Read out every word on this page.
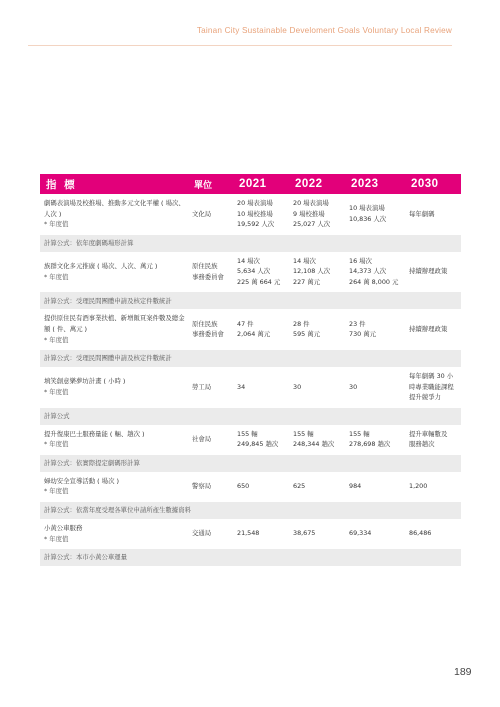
Tainan City Sustainable Develoment Goals Voluntary Local Review
指 標	單位	2021	2022	2023	2030

劇碼表演場及校推場、推動多元文化平權 ( 場次、人次 )
* 年度值	文化局	20 場表演場
10 場校推場
19,592 人次	20 場表演場
9 場校推場
25,027 人次	10 場表演場
10,836 人次	每年劇碼
計算公式：依年度劇碼場形計算					

族群文化多元推廣 ( 場次、人次、萬元 )
* 年度值	原住民族
事務委員會	14 場次
5,634 人次
225 萬 664 元	14 場次
12,108 人次
227 萬元	16 場次
14,373 人次
264 萬 8,000 元	持續辦理政策
計算公式：受理民間團體申請及核定件數統計					

提供原住民有酒事業扶植、新增飯頁案件數及總金額 ( 件、萬元 )
* 年度值	原住民族
事務委員會	47 件
2,064 萬元	28 件
595 萬元	23 件
730 萬元	持續辦理政策
計算公式：受理民間團體申請及核定件數統計					

填笑創意樂夢坊計畫 ( 小時 )
* 年度值	勞工局	34	30	30	每年劇碼 30 小
時專業職能課程
提升競爭力
計算公式					

提升復康巴士服務量能 ( 輛、趟次 )
* 年度值	社會局	155 輛
249,845 趟次	155 輛
248,344 趟次	155 輛
278,698 趟次	提升車輛數及
服務趟次
計算公式：依實際提定劇碼形計算					

婦幼安全宣導活動 ( 場次 )
* 年度值	警察局	650	625	984	1,200
計算公式：依當年度受理各單位申請所產生數據資料					

小黃公車服務
* 年度值	交通局	21,548	38,675	69,334	86,486
計算公式：本市小黃公車運量					
189
